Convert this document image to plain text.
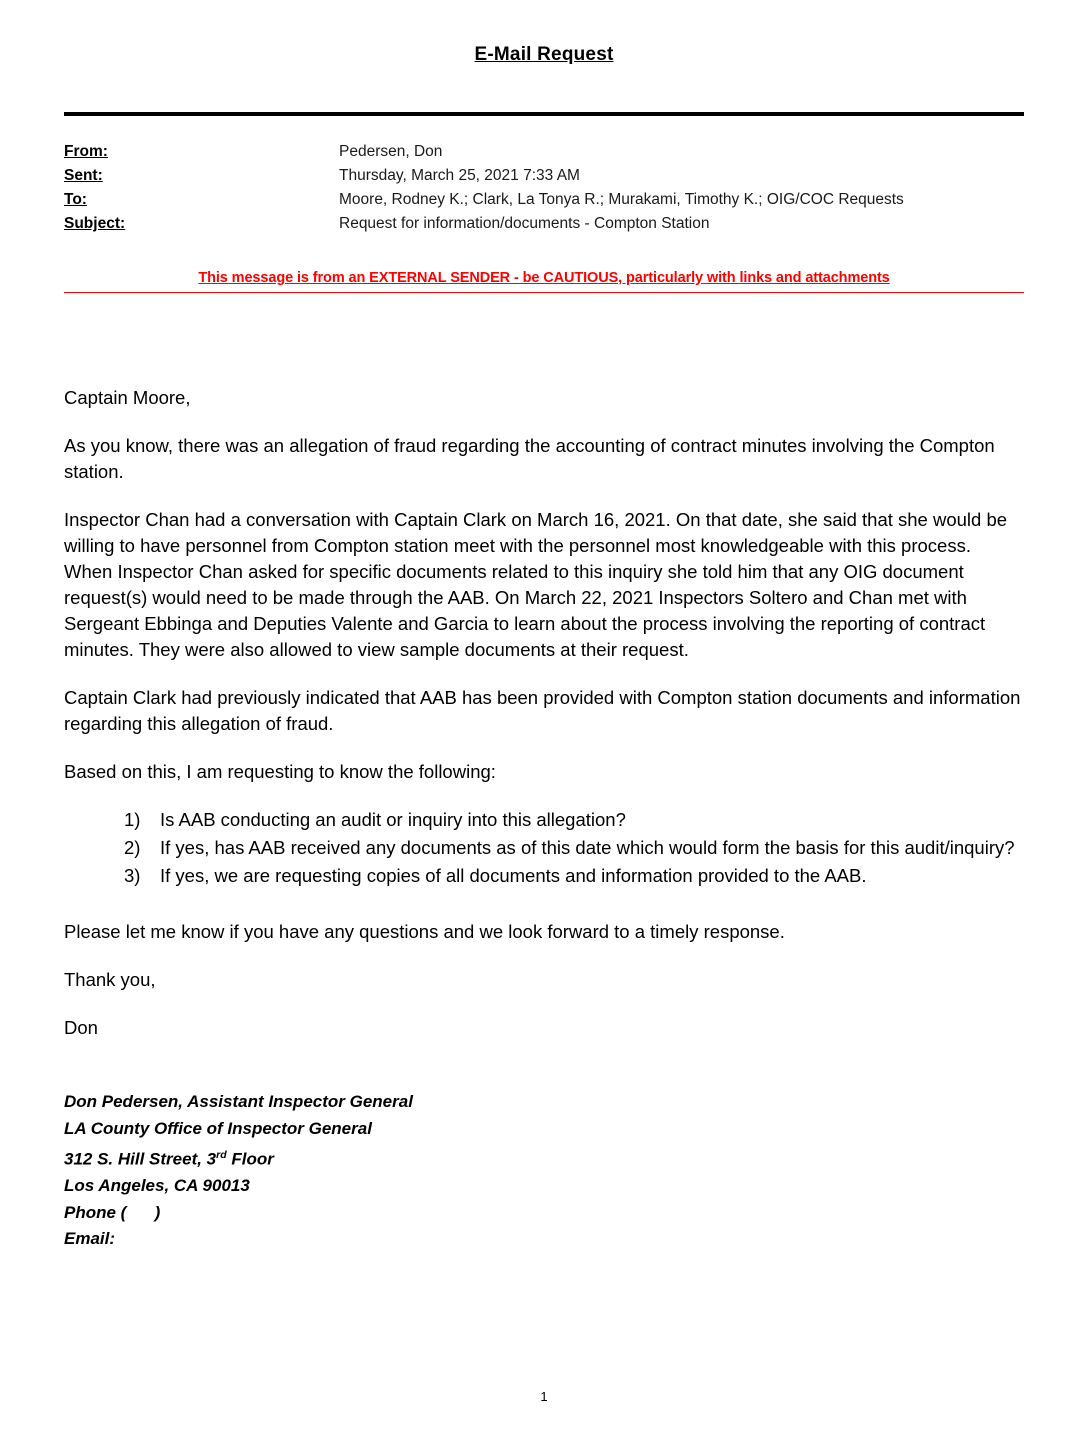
E-Mail Request
From:	Pedersen, Don
Sent:	Thursday, March 25, 2021 7:33 AM
To:	Moore, Rodney K.; Clark, La Tonya R.; Murakami, Timothy K.; OIG/COC Requests
Subject:	Request for information/documents - Compton Station
This message is from an EXTERNAL SENDER - be CAUTIOUS, particularly with links and attachments

Captain Moore,

As you know, there was an allegation of fraud regarding the accounting of contract minutes involving the Compton station.

Inspector Chan had a conversation with Captain Clark on March 16, 2021. On that date, she said that she would be willing to have personnel from Compton station meet with the personnel most knowledgeable with this process. When Inspector Chan asked for specific documents related to this inquiry she told him that any OIG document request(s) would need to be made through the AAB. On March 22, 2021 Inspectors Soltero and Chan met with Sergeant Ebbinga and Deputies Valente and Garcia to learn about the process involving the reporting of contract minutes. They were also allowed to view sample documents at their request.

Captain Clark had previously indicated that AAB has been provided with Compton station documents and information regarding this allegation of fraud.

Based on this, I am requesting to know the following:

Is AAB conducting an audit or inquiry into this allegation?
If yes, has AAB received any documents as of this date which would form the basis for this audit/inquiry?
If yes, we are requesting copies of all documents and information provided to the AAB.

Please let me know if you have any questions and we look forward to a timely response.

Thank you,

Don

Don Pedersen, Assistant Inspector General
LA County Office of Inspector General
312 S. Hill Street, 3rd Floor
Los Angeles, CA 90013
Phone (      )
Email:
1
